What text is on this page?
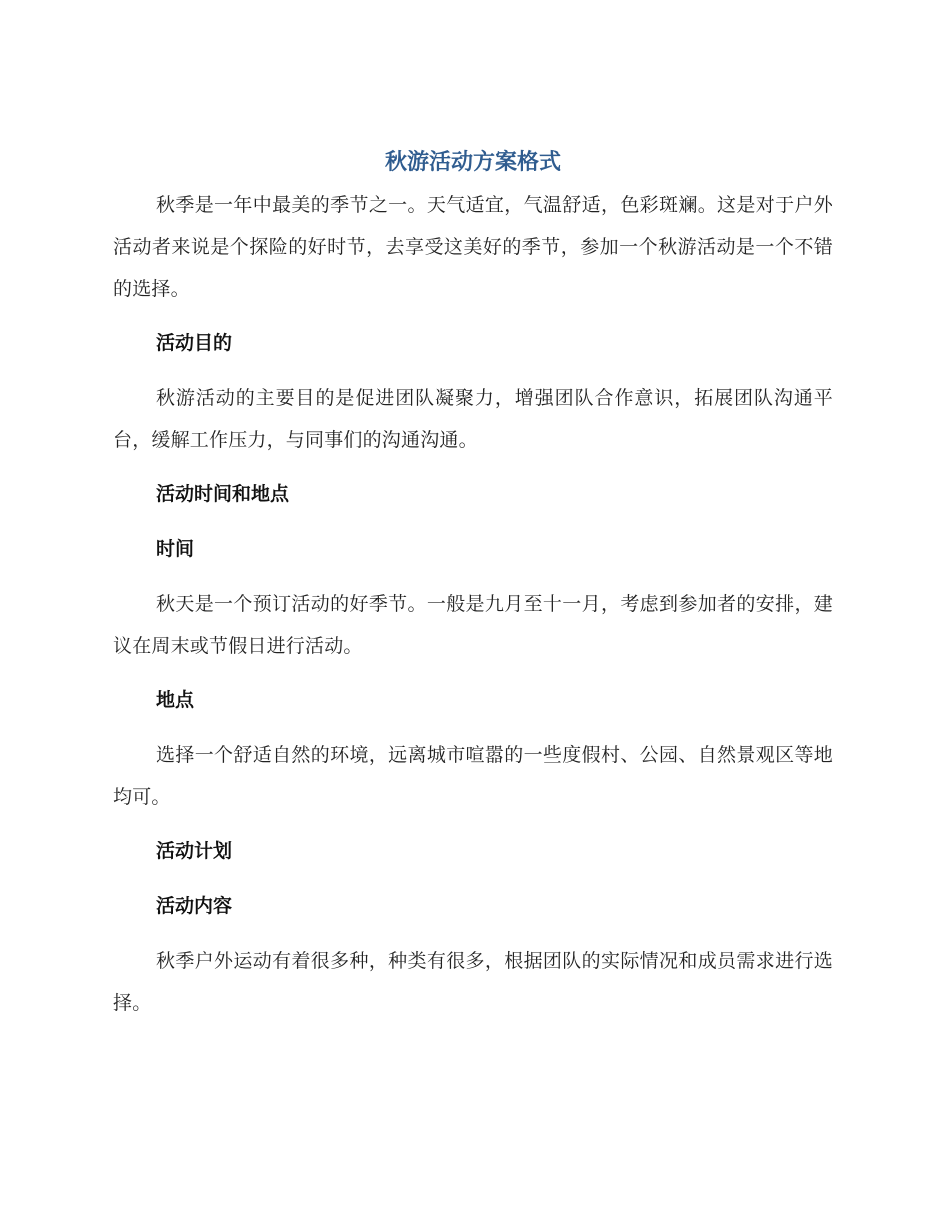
秋游活动方案格式

秋季是一年中最美的季节之一。天气适宜，气温舒适，色彩斑斓。这是对于户外活动者来说是个探险的好时节，去享受这美好的季节，参加一个秋游活动是一个不错的选择。

活动目的

秋游活动的主要目的是促进团队凝聚力，增强团队合作意识，拓展团队沟通平台，缓解工作压力，与同事们的沟通沟通。

活动时间和地点

时间

秋天是一个预订活动的好季节。一般是九月至十一月，考虑到参加者的安排，建议在周末或节假日进行活动。

地点

选择一个舒适自然的环境，远离城市喧嚣的一些度假村、公园、自然景观区等地均可。

活动计划

活动内容

秋季户外运动有着很多种，种类有很多，根据团队的实际情况和成员需求进行选择。
